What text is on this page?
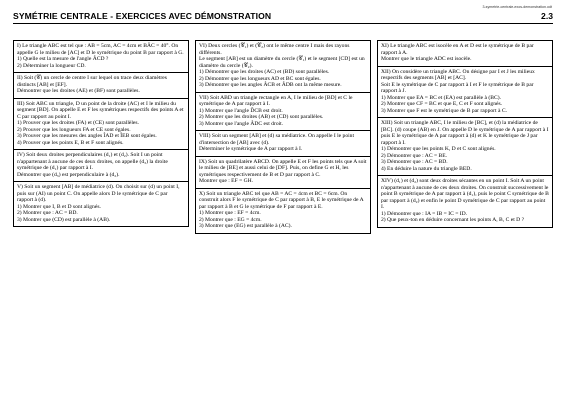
3-symetrie-centrale-exos-demonstration.odt
SYMÉTRIE CENTRALE - EXERCICES AVEC DÉMONSTRATION	2.3
I) Le triangle ABC est tel que : AB = 5cm, AC = 4cm et BÂC = 40°. On appelle G le milieu de [AC] et D le symétrique du point B par rapport à G.
1) Quelle est la mesure de l'angle ÂCD ?
2) Déterminer la longueur CD.
II) Soit (𝒞) un cercle de centre I sur lequel on trace deux diamètres distincts [AB] et [EF].
Démontrer que les droites (AE) et (BF) sont parallèles.
III) Soit ABC un triangle, D un point de la droite (AC) et I le milieu du segment [BD]. On appelle E et F les symétriques respectifs des points A et C par rapport au point I.
1) Prouver que les droites (FA) et (CE) sont parallèles.
2) Prouver que les longueurs FA et CE sont égales.
3) Prouver que les mesures des angles ÎAD et ÎEB sont égales.
4) Prouver que les points E, B et F sont alignés.
IV) Soit deux droites perpendiculaires (d₁) et (d₂). Soit I un point n'appartenant à aucune de ces deux droites, on appelle (d₃) la droite symétrique de (d₁) par rapport à I.
Démontrer que (d₃) est perpendiculaire à (d₂).
V) Soit un segment [AB] de médiatrice (d). On choisit sur (d) un point I, puis sur (AI) un point C. On appelle alors D le symétrique de C par rapport à (d).
1) Montrer que I, B et D sont alignés.
2) Montrer que : AC = BD.
3) Montrer que (CD) est parallèle à (AB).
VI) Deux cercles (𝒞₁) et (𝒞₂) ont le même centre I mais des rayons différents.
Le segment [AB] est un diamètre du cercle (𝒞₁) et le segment [CD] est un diamètre du cercle (𝒞₂).
1) Démontrer que les droites (AC) et (BD) sont parallèles.
2) Démontrer que les longueurs AD et BC sont égales.
3) Démontrer que les angles ÂCB et ÂDB ont la même mesure.
VII) Soit ABD un triangle rectangle en A, I le milieu de [BD] et C le symétrique de A par rapport à I.
1) Montrer que l'angle D̂CB est droit.
2) Montrer que les droites (AB) et (CD) sont parallèles.
3) Montrer que l'angle ÂDC est droit.
VIII) Soit un segment [AB] et (d) sa médiatrice. On appelle I le point d'intersection de [AB] avec (d).
Déterminer le symétrique de A par rapport à I.
IX) Soit un quadrilatère ABCD. On appelle E et F les points tels que A soit le milieu de [BE] et aussi celui de [DF]. Puis, on define G et H, les symétriques respectivement de B et D par rapport à C.
Montrer que : EF = GH.
X) Soit un triangle ABC tel que AB = AC = 4cm et BC = 6cm. On construit alors F le symétrique de C par rapport à B, E le symétrique de A par rapport à B et G le symétrique de F par rapport à E.
1) Montrer que : EF = 4cm.
2) Montrer que : EG = 4cm.
3) Montrer que (EG) est parallèle à (AC).
XI) Le triangle ABC est isocèle en A et D est le symétrique de B par rapport à A.
Montrer que le triangle ADC est isocèle.
XII) On considère un triangle ABC. On désigne par I et J les milieux respectifs des segments [AB] et [AC].
Soit E le symétrique de C par rapport à I et F le symétrique de B par rapport à J.
1) Montrer que EA = BC et (EA) est parallèle à (BC).
2) Montrer que CF = BC et que E, C et F sont alignés.
3) Montrer que F est le symétrique de B par rapport à C.
XIII) Soit un triangle ABC, I le milieu de [BC], et (d) la médiatrice de [BC]. (d) coupe (AB) en J. On appelle D le symétrique de A par rapport à I puis E le symétrique de A par rapport à (d) et K le symétrique de J par rapport à I.
1) Démontrer que les points K, D et C sont alignés.
2) Démontrer que : AC = BE.
3) Démontrer que : AC = BD.
4) En déduire la nature du triangle BED.
XIV) (d₁) et (d₂) sont deux droites sécantes en un point I. Soit A un point n'appartenant à aucune de ces deux droites. On construit successivement le point B symétrique de A par rapport à (d₁), puis le point C symétrique de B par rapport à (d₂) et enfin le point D symétrique de C par rapport au point I.
1) Démontrer que : IA = IB = IC = ID.
2) Que peux-ton en déduire concernant les points A, B, C et D ?
